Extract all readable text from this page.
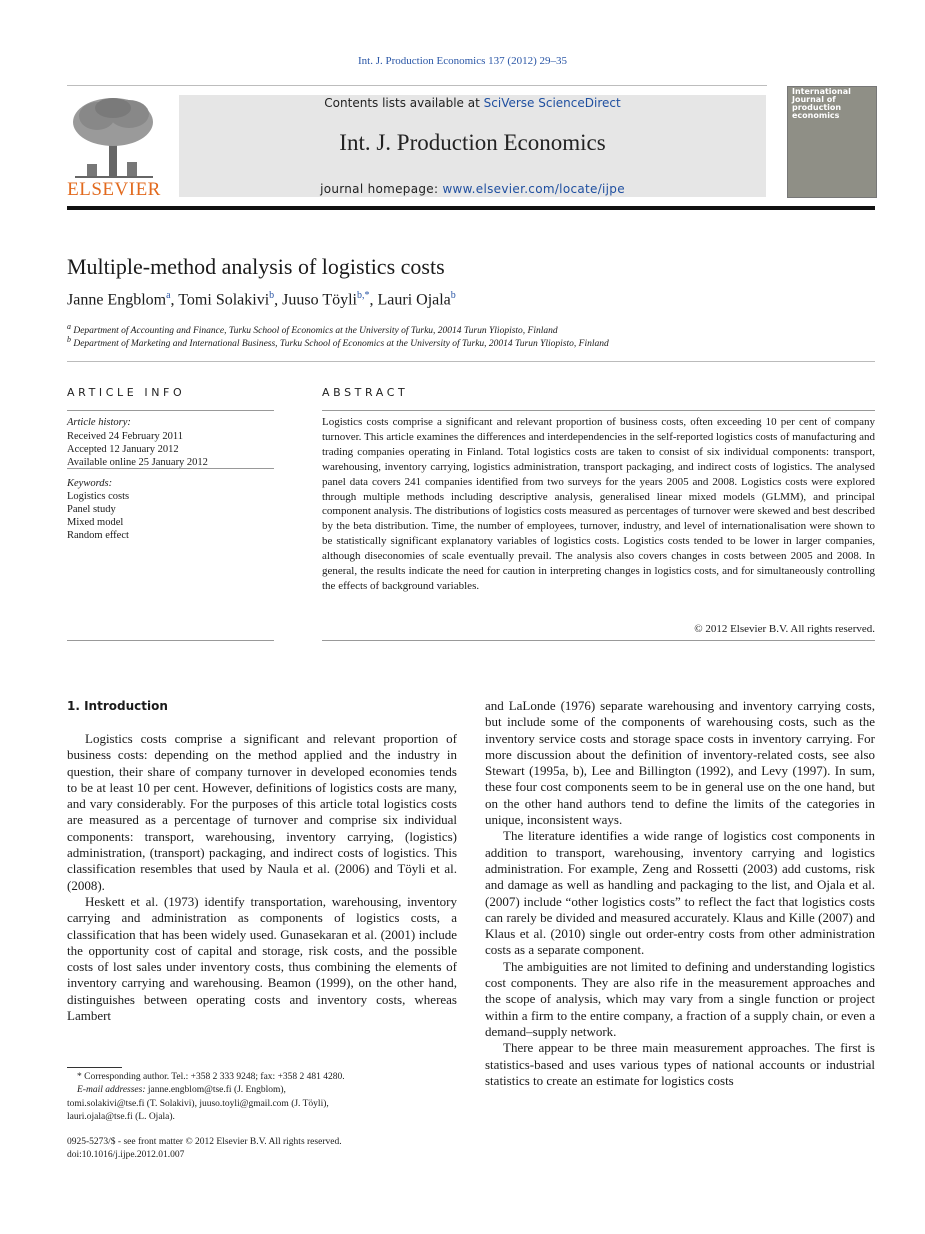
Int. J. Production Economics 137 (2012) 29–35
ELSEVIER
Contents lists available at SciVerse ScienceDirect
Int. J. Production Economics
journal homepage: www.elsevier.com/locate/ijpe
International Journal of production economics
Multiple-method analysis of logistics costs
Janne Engblom$^a$, Tomi Solakivi$^b$, Juuso Töyli$^{b,*}$, Lauri Ojala$^b$
$^a$ Department of Accounting and Finance, Turku School of Economics at the University of Turku, 20014 Turun Yliopisto, Finland
$^b$ Department of Marketing and International Business, Turku School of Economics at the University of Turku, 20014 Turun Yliopisto, Finland
ARTICLE INFO	ABSTRACT
Article history:
Received 24 February 2011
Accepted 12 January 2012
Available online 25 January 2012
Keywords:
Logistics costs
Panel study
Mixed model
Random effect
Logistics costs comprise a significant and relevant proportion of business costs, often exceeding 10 per cent of company turnover. This article examines the differences and interdependencies in the self-reported logistics costs of manufacturing and trading companies operating in Finland. Total logistics costs are taken to consist of six individual components: transport, warehousing, inventory carrying, logistics administration, transport packaging, and indirect costs of logistics. The analysed panel data covers 241 companies identified from two surveys for the years 2005 and 2008. Logistics costs were explored through multiple methods including descriptive analysis, generalised linear mixed models (GLMM), and principal component analysis. The distributions of logistics costs measured as percentages of turnover were skewed and best described by the beta distribution. Time, the number of employees, turnover, industry, and level of internationalisation were shown to be statistically significant explanatory variables of logistics costs. Logistics costs tended to be lower in larger companies, although diseconomies of scale eventually prevail. The analysis also covers changes in costs between 2005 and 2008. In general, the results indicate the need for caution in interpreting changes in logistics costs, and for simultaneously controlling the effects of background variables.
© 2012 Elsevier B.V. All rights reserved.
1. Introduction

Logistics costs comprise a significant and relevant proportion of business costs: depending on the method applied and the industry in question, their share of company turnover in developed economies tends to be at least 10 per cent. However, definitions of logistics costs are many, and vary considerably. For the purposes of this article total logistics costs are measured as a percentage of turnover and comprise six individual components: transport, warehousing, inventory carrying, (logistics) administration, (transport) packaging, and indirect costs of logistics. This classification resembles that used by Naula et al. (2006) and Töyli et al. (2008).

Heskett et al. (1973) identify transportation, warehousing, inventory carrying and administration as components of logistics costs, a classification that has been widely used. Gunasekaran et al. (2001) include the opportunity cost of capital and storage, risk costs, and the possible costs of lost sales under inventory costs, thus combining the elements of inventory carrying and warehousing. Beamon (1999), on the other hand, distinguishes between operating costs and inventory costs, whereas Lambert

and LaLonde (1976) separate warehousing and inventory carrying costs, but include some of the components of warehousing costs, such as the inventory service costs and storage space costs in inventory carrying. For more discussion about the definition of inventory-related costs, see also Stewart (1995a, b), Lee and Billington (1992), and Levy (1997). In sum, these four cost components seem to be in general use on the one hand, but on the other hand authors tend to define the limits of the categories in unique, inconsistent ways.

The literature identifies a wide range of logistics cost components in addition to transport, warehousing, inventory carrying and logistics administration. For example, Zeng and Rossetti (2003) add customs, risk and damage as well as handling and packaging to the list, and Ojala et al. (2007) include “other logistics costs” to reflect the fact that logistics costs can rarely be divided and measured accurately. Klaus and Kille (2007) and Klaus et al. (2010) single out order-entry costs from other administration costs as a separate component.

The ambiguities are not limited to defining and understanding logistics cost components. They are also rife in the measurement approaches and the scope of analysis, which may vary from a single function or project within a firm to the entire company, a fraction of a supply chain, or even a demand–supply network.

There appear to be three main measurement approaches. The first is statistics-based and uses various types of national accounts or industrial statistics to create an estimate for logistics costs

* Corresponding author. Tel.: +358 2 333 9248; fax: +358 2 481 4280.
E-mail addresses: janne.engblom@tse.fi (J. Engblom),
tomi.solakivi@tse.fi (T. Solakivi), juuso.toyli@gmail.com (J. Töyli),
lauri.ojala@tse.fi (L. Ojala).
0925-5273/$ - see front matter © 2012 Elsevier B.V. All rights reserved.
doi:10.1016/j.ijpe.2012.01.007
